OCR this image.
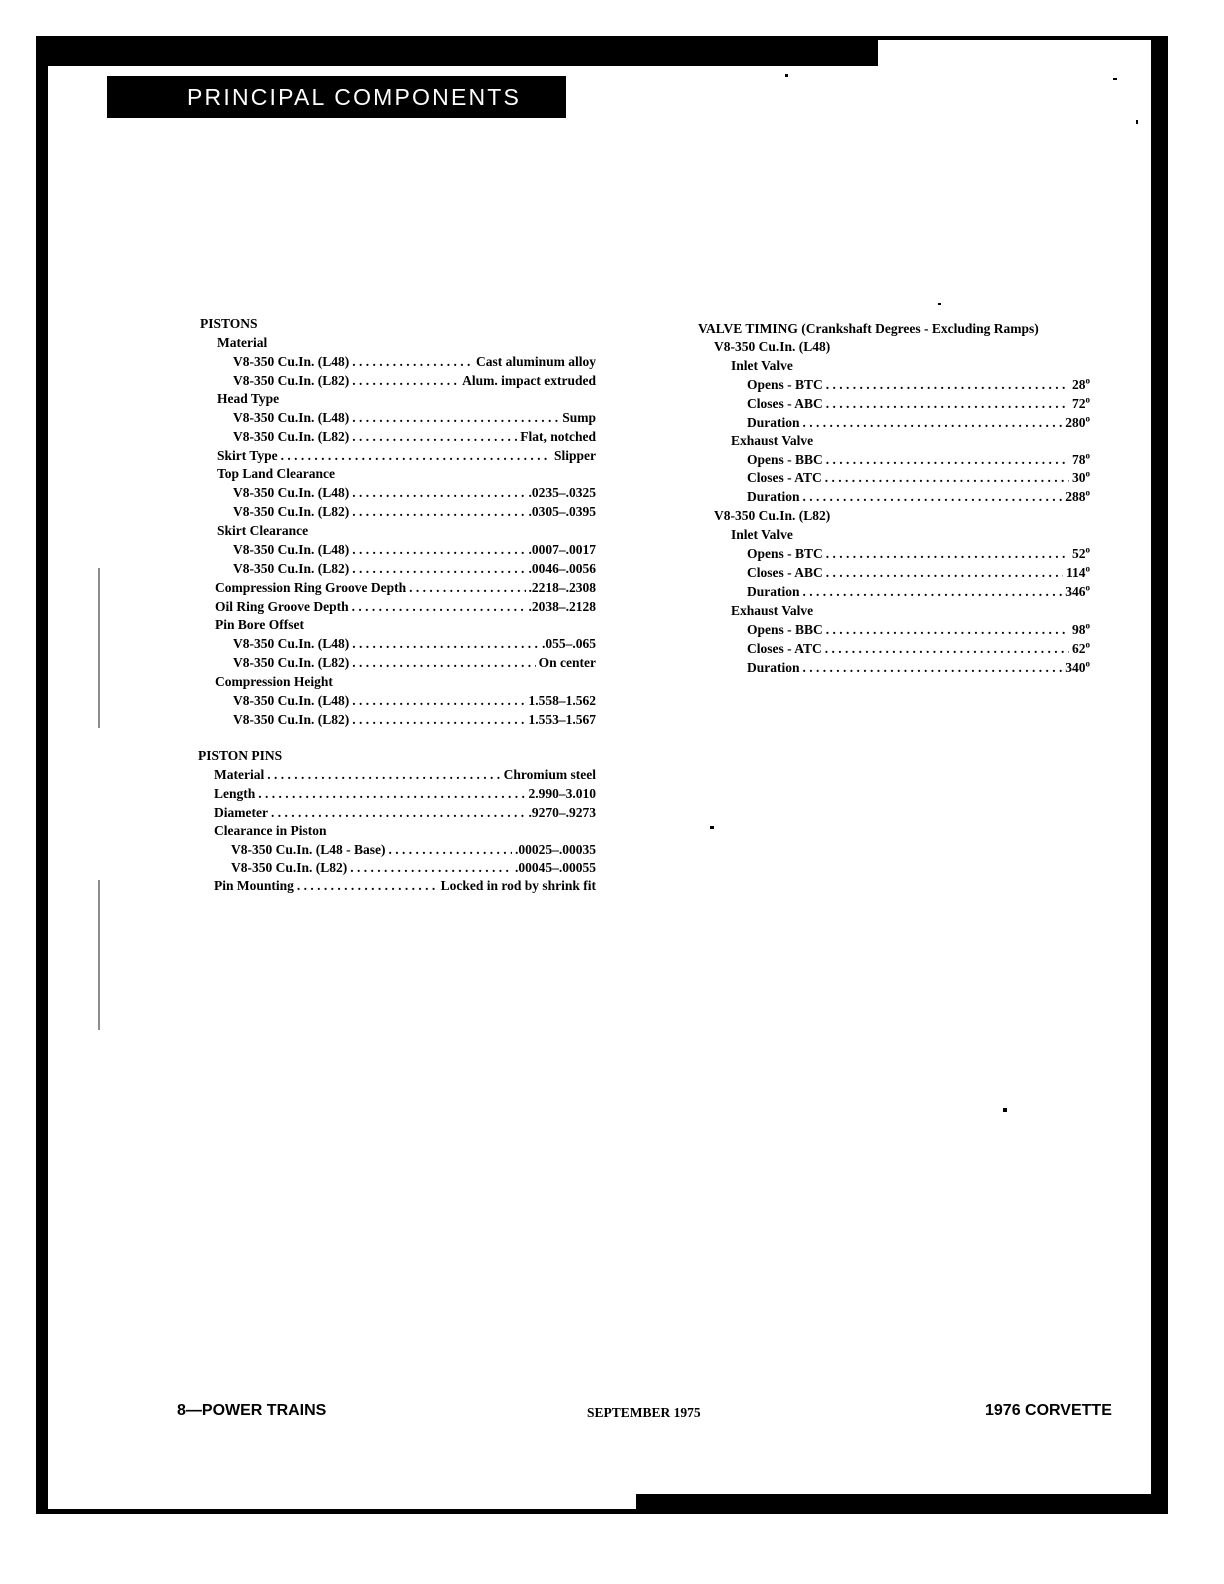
PRINCIPAL COMPONENTS
PISTONS
Material
V8-350 Cu.In. (L48) . . .	Cast aluminum alloy
V8-350 Cu.In. (L82) . . .	Alum. impact extruded
Head Type
V8-350 Cu.In. (L48) . . .	Sump
V8-350 Cu.In. (L82) . . .	Flat, notched
Skirt Type . . .	Slipper
Top Land Clearance
V8-350 Cu.In. (L48) . . .	.0235–.0325
V8-350 Cu.In. (L82) . . .	.0305–.0395
Skirt Clearance
V8-350 Cu.In. (L48) . . .	.0007–.0017
V8-350 Cu.In. (L82) . . .	.0046–.0056
Compression Ring Groove Depth . . .	.2218–.2308
Oil Ring Groove Depth . . .	.2038–.2128
Pin Bore Offset
V8-350 Cu.In. (L48) . . .	.055–.065
V8-350 Cu.In. (L82) . . .	On center
Compression Height
V8-350 Cu.In. (L48) . . .	1.558–1.562
V8-350 Cu.In. (L82) . . .	1.553–1.567
PISTON PINS
Material . . .	Chromium steel
Length . . .	2.990–3.010
Diameter . . .	.9270–.9273
Clearance in Piston
V8-350 Cu.In. (L48 - Base) . . .	.00025–.00035
V8-350 Cu.In. (L82) . . .	.00045–.00055
Pin Mounting . . .	Locked in rod by shrink fit
VALVE TIMING (Crankshaft Degrees - Excluding Ramps)
V8-350 Cu.In. (L48)
Inlet Valve
Opens - BTC . . .	28$^o$
Closes - ABC . . .	72$^o$
Duration . . .	280$^o$
Exhaust Valve
Opens - BBC . . .	78$^o$
Closes - ATC . . .	30$^o$
Duration . . .	288$^o$
V8-350 Cu.In. (L82)
Inlet Valve
Opens - BTC . . .	52$^o$
Closes - ABC . . .	114$^o$
Duration . . .	346$^o$
Exhaust Valve
Opens - BBC . . .	98$^o$
Closes - ATC . . .	62$^o$
Duration . . .	340$^o$
8—POWER TRAINS	SEPTEMBER 1975	1976 CORVETTE
